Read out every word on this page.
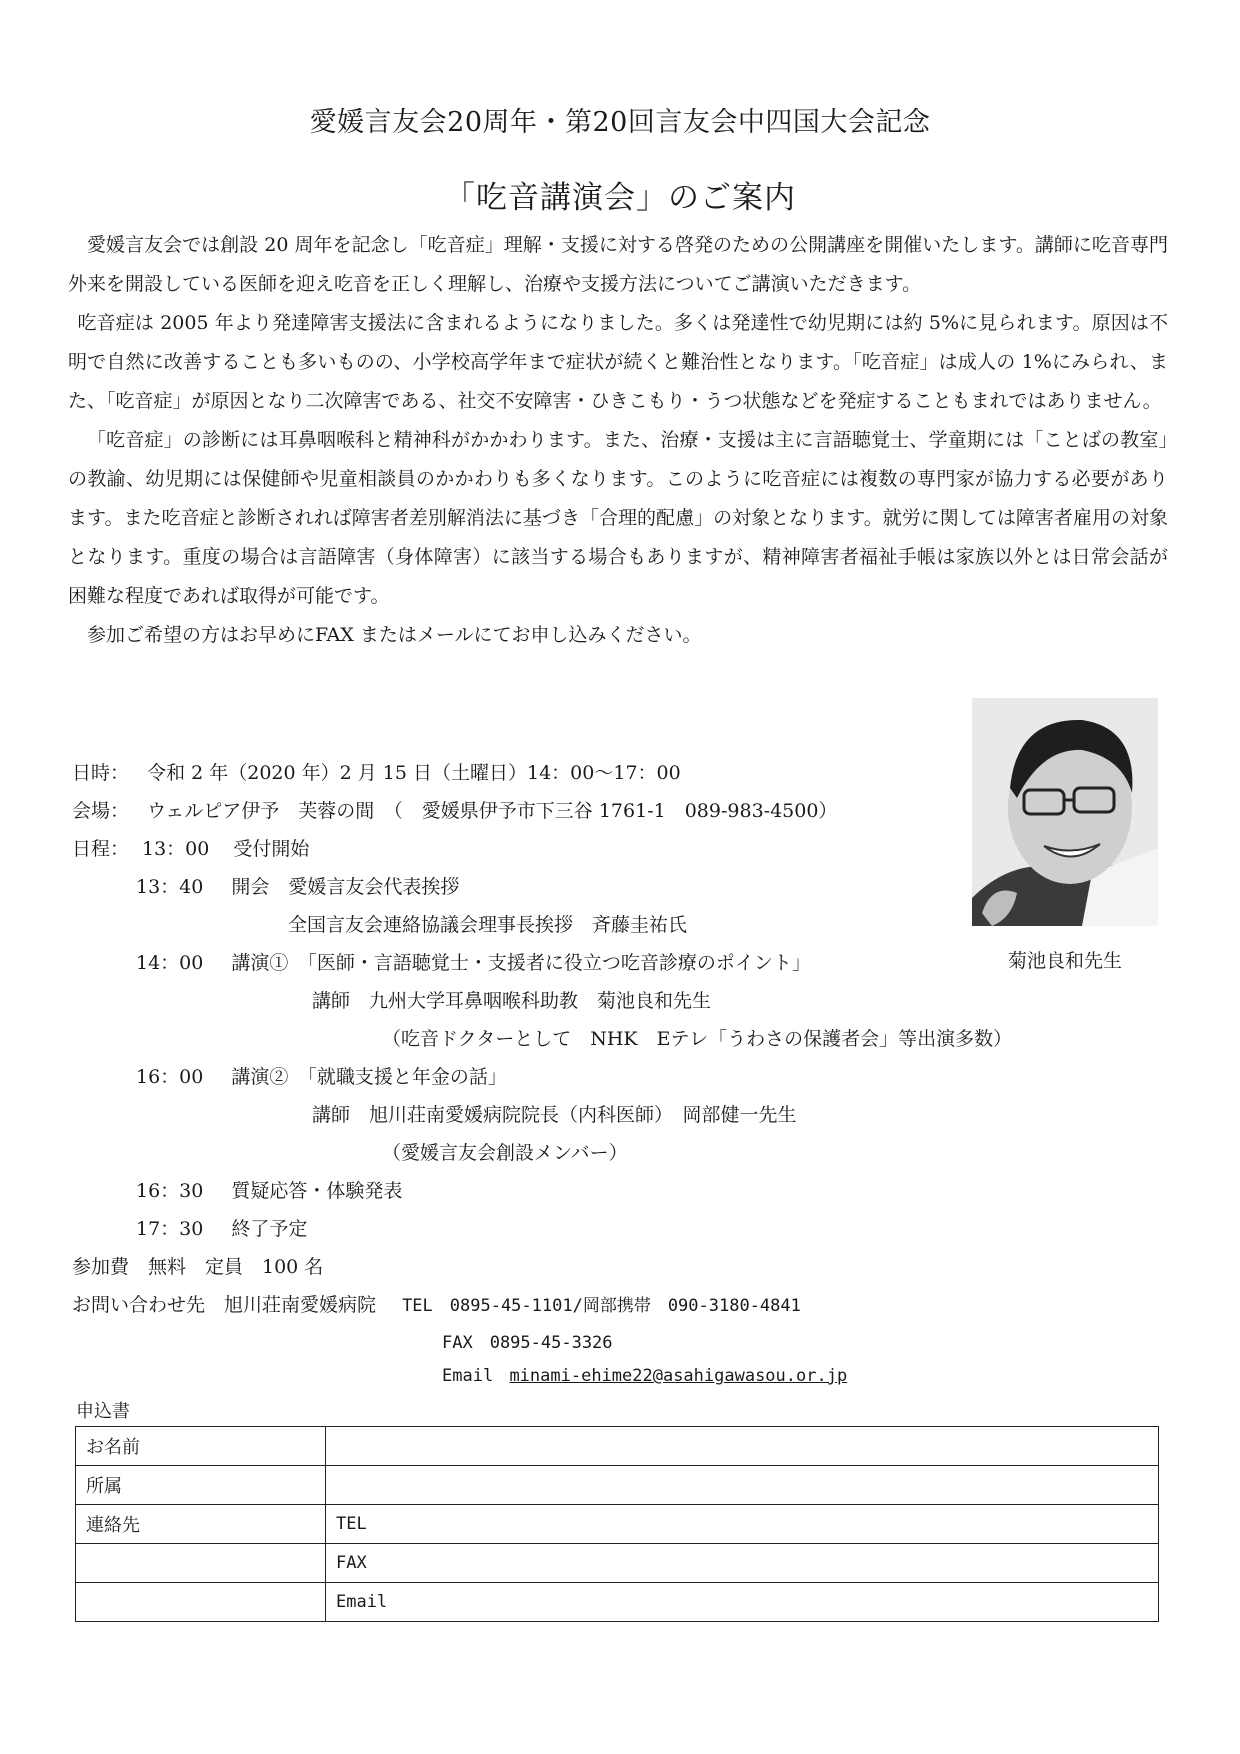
愛媛言友会20周年・第20回言友会中四国大会記念
「吃音講演会」のご案内

愛媛言友会では創設 20 周年を記念し「吃音症」理解・支援に対する啓発のための公開講座を開催いたします。講師に吃音専門外来を開設している医師を迎え吃音を正しく理解し、治療や支援方法についてご講演いただきます。

吃音症は 2005 年より発達障害支援法に含まれるようになりました。多くは発達性で幼児期には約 5%に見られます。原因は不明で自然に改善することも多いものの、小学校高学年まで症状が続くと難治性となります。「吃音症」は成人の 1%にみられ、また、「吃音症」が原因となり二次障害である、社交不安障害・ひきこもり・うつ状態などを発症することもまれではありません。

「吃音症」の診断には耳鼻咽喉科と精神科がかかわります。また、治療・支援は主に言語聴覚士、学童期には「ことばの教室」の教諭、幼児期には保健師や児童相談員のかかわりも多くなります。このように吃音症には複数の専門家が協力する必要があります。また吃音症と診断されれば障害者差別解消法に基づき「合理的配慮」の対象となります。就労に関しては障害者雇用の対象となります。重度の場合は言語障害（身体障害）に該当する場合もありますが、精神障害者福祉手帳は家族以外とは日常会話が困難な程度であれば取得が可能です。

参加ご希望の方はお早めにFAX またはメールにてお申し込みください。

菊池良和先生
日時： 令和 2 年（2020 年）2 月 15 日（土曜日）14：00～17：00
会場： ウェルピア伊予　芙蓉の間　（　愛媛県伊予市下三谷 1761-1　089-983-4500）
日程： 13：00 受付開始
13：40 開会　愛媛言友会代表挨拶
全国言友会連絡協議会理事長挨拶　斉藤圭祐氏
14：00 講演①　「医師・言語聴覚士・支援者に役立つ吃音診療のポイント」
講師　九州大学耳鼻咽喉科助教　菊池良和先生
（吃音ドクターとして　NHK　Eテレ「うわさの保護者会」等出演多数）
16：00 講演②　「就職支援と年金の話」
講師　旭川荘南愛媛病院院長（内科医師）　岡部健一先生
（愛媛言友会創設メンバー）
16：30 質疑応答・体験発表
17：30 終了予定
参加費　無料　定員　100 名
お問い合わせ先　旭川荘南愛媛病院 TEL　0895-45-1101/岡部携帯　090-3180-4841
FAX　0895-45-3326
Email minami-ehime22@asahigawasou.or.jp
申込書
お名前	
所属	
連絡先	TEL
	FAX
	Email
